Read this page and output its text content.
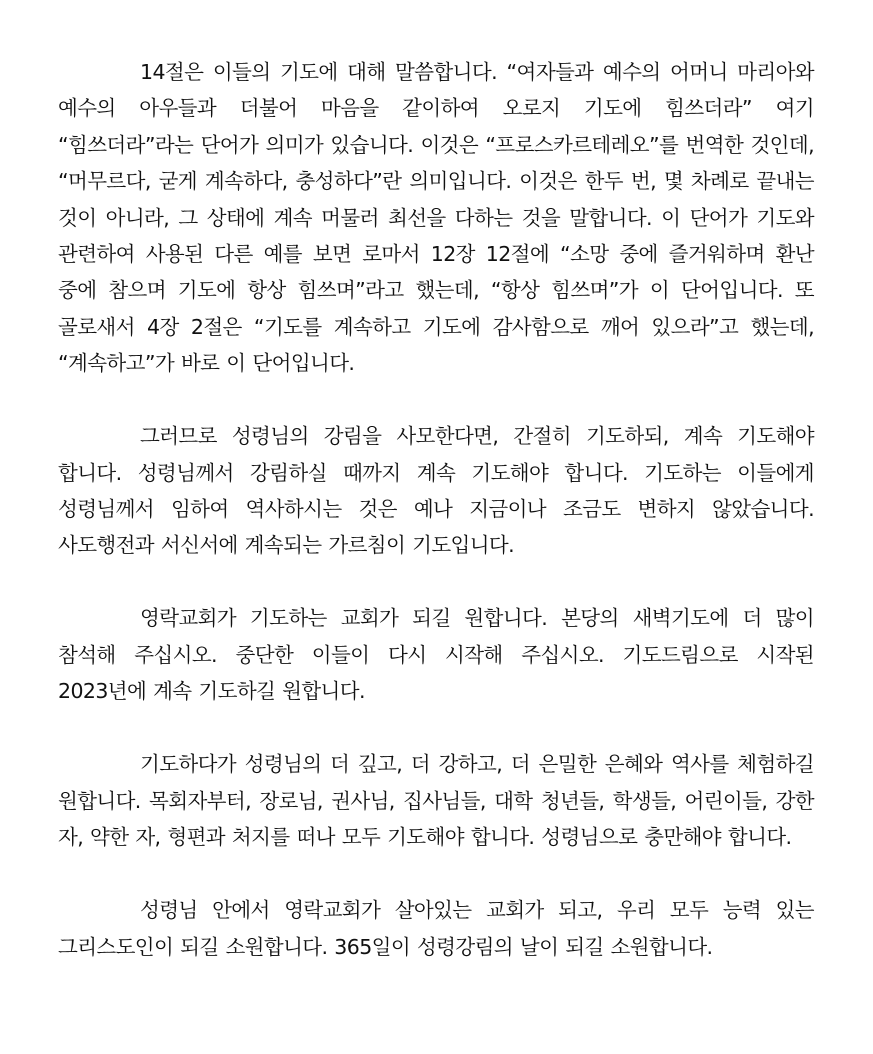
14절은 이들의 기도에 대해 말씀합니다. “여자들과 예수의 어머니 마리아와 예수의 아우들과 더불어 마음을 같이하여 오로지 기도에 힘쓰더라” 여기 “힘쓰더라”라는 단어가 의미가 있습니다. 이것은 “프로스카르테레오”를 번역한 것인데, “머무르다, 굳게 계속하다, 충성하다”란 의미입니다. 이것은 한두 번, 몇 차례로 끝내는 것이 아니라, 그 상태에 계속 머물러 최선을 다하는 것을 말합니다. 이 단어가 기도와 관련하여 사용된 다른 예를 보면 로마서 12장 12절에 “소망 중에 즐거워하며 환난 중에 참으며 기도에 항상 힘쓰며”라고 했는데, “항상 힘쓰며”가 이 단어입니다. 또 골로새서 4장 2절은 “기도를 계속하고 기도에 감사함으로 깨어 있으라”고 했는데, “계속하고”가 바로 이 단어입니다.

그러므로 성령님의 강림을 사모한다면, 간절히 기도하되, 계속 기도해야 합니다. 성령님께서 강림하실 때까지 계속 기도해야 합니다. 기도하는 이들에게 성령님께서 임하여 역사하시는 것은 예나 지금이나 조금도 변하지 않았습니다. 사도행전과 서신서에 계속되는 가르침이 기도입니다.

영락교회가 기도하는 교회가 되길 원합니다. 본당의 새벽기도에 더 많이 참석해 주십시오. 중단한 이들이 다시 시작해 주십시오. 기도드림으로 시작된 2023년에 계속 기도하길 원합니다.

기도하다가 성령님의 더 깊고, 더 강하고, 더 은밀한 은혜와 역사를 체험하길 원합니다. 목회자부터, 장로님, 권사님, 집사님들, 대학 청년들, 학생들, 어린이들, 강한 자, 약한 자, 형편과 처지를 떠나 모두 기도해야 합니다. 성령님으로 충만해야 합니다.

성령님 안에서 영락교회가 살아있는 교회가 되고, 우리 모두 능력 있는 그리스도인이 되길 소원합니다. 365일이 성령강림의 날이 되길 소원합니다.
